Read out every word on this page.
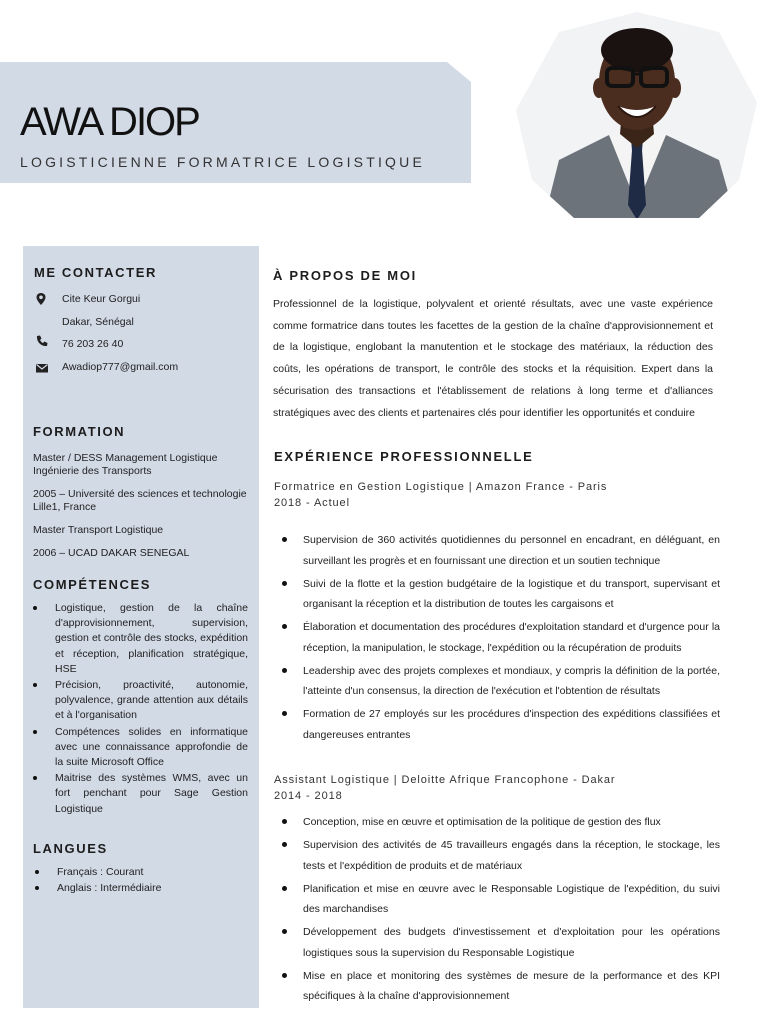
AWA DIOP
LOGISTICIENNE FORMATRICE LOGISTIQUE
ME CONTACTER
Cite Keur Gorgui
Dakar, Sénégal
76 203 26 40
Awadiop777@gmail.com
FORMATION
Master / DESS Management Logistique Ingénierie des Transports
2005 – Université des sciences et technologie Lille1, France
Master Transport Logistique
2006 – UCAD DAKAR SENEGAL
COMPÉTENCES
Logistique, gestion de la chaîne d'approvisionnement, supervision, gestion et contrôle des stocks, expédition et réception, planification stratégique, HSE
Précision, proactivité, autonomie, polyvalence, grande attention aux détails et à l'organisation
Compétences solides en informatique avec une connaissance approfondie de la suite Microsoft Office
Maitrise des systèmes WMS, avec un fort penchant pour Sage Gestion Logistique
LANGUES
Français : Courant
Anglais : Intermédiaire
À PROPOS DE MOI
Professionnel de la logistique, polyvalent et orienté résultats, avec une vaste expérience comme formatrice dans toutes les facettes de la gestion de la chaîne d'approvisionnement et de la logistique, englobant la manutention et le stockage des matériaux, la réduction des coûts, les opérations de transport, le contrôle des stocks et la réquisition. Expert dans la sécurisation des transactions et l'établissement de relations à long terme et d'alliances stratégiques avec des clients et partenaires clés pour identifier les opportunités et conduire
EXPÉRIENCE PROFESSIONNELLE
Formatrice en Gestion Logistique | Amazon France - Paris
2018 - Actuel
Supervision de 360 activités quotidiennes du personnel en encadrant, en déléguant, en surveillant les progrès et en fournissant une direction et un soutien technique
Suivi de la flotte et la gestion budgétaire de la logistique et du transport, supervisant et organisant la réception et la distribution de toutes les cargaisons et
Élaboration et documentation des procédures d'exploitation standard et d'urgence pour la réception, la manipulation, le stockage, l'expédition ou la récupération de produits
Leadership avec des projets complexes et mondiaux, y compris la définition de la portée, l'atteinte d'un consensus, la direction de l'exécution et l'obtention de résultats
Formation de 27 employés sur les procédures d'inspection des expéditions classifiées et dangereuses entrantes
Assistant Logistique | Deloitte Afrique Francophone - Dakar
2014 - 2018
Conception, mise en œuvre et optimisation de la politique de gestion des flux
Supervision des activités de 45 travailleurs engagés dans la réception, le stockage, les tests et l'expédition de produits et de matériaux
Planification et mise en œuvre avec le Responsable Logistique de l'expédition, du suivi des marchandises
Développement des budgets d'investissement et d'exploitation pour les opérations logistiques sous la supervision du Responsable Logistique
Mise en place et monitoring des systèmes de mesure de la performance et des KPI spécifiques à la chaîne d'approvisionnement
